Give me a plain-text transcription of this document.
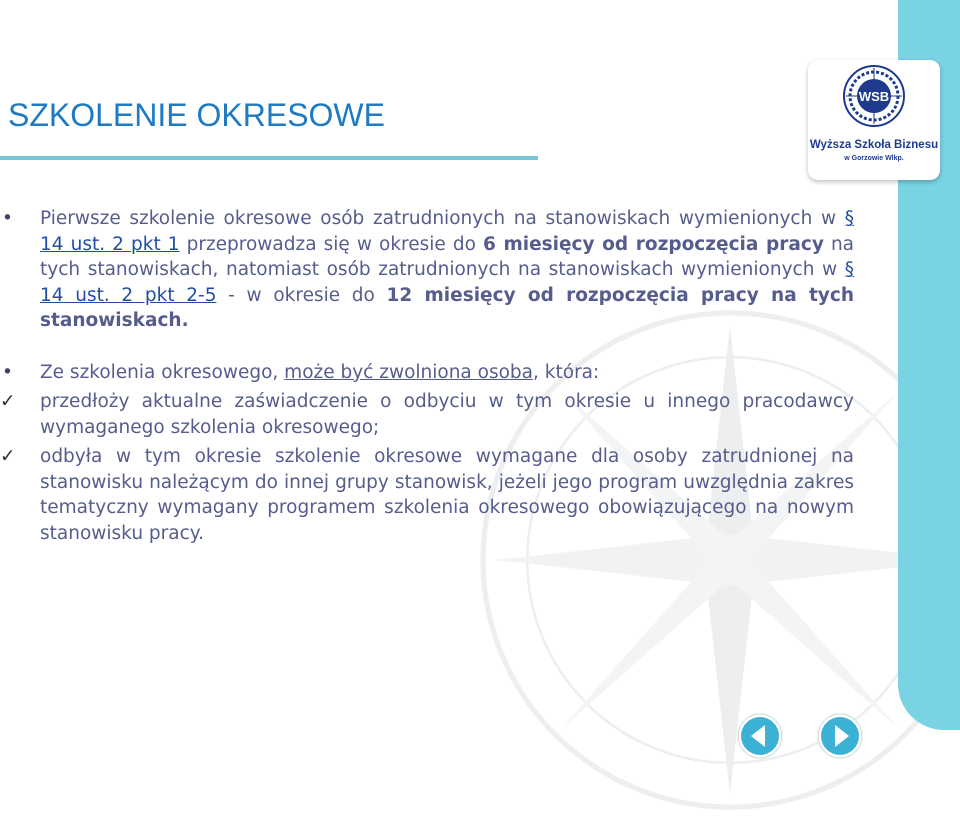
WSB
Wyższa Szkoła Biznesu
w Gorzowie Wlkp.
SZKOLENIE OKRESOWE
• Pierwsze szkolenie okresowe osób zatrudnionych na stanowiskach wymienionych w § 14 ust. 2 pkt 1 przeprowadza się w okresie do 6 miesięcy od rozpoczęcia pracy na tych stanowiskach, natomiast osób zatrudnionych na stanowiskach wymienionych w § 14 ust. 2 pkt 2-5 - w okresie do 12 miesięcy od rozpoczęcia pracy na tych stanowiskach.
• Ze szkolenia okresowego, może być zwolniona osoba, która:
✓ przedłoży aktualne zaświadczenie o odbyciu w tym okresie u innego pracodawcy wymaganego szkolenia okresowego;
✓ odbyła w tym okresie szkolenie okresowe wymagane dla osoby zatrudnionej na stanowisku należącym do innej grupy stanowisk, jeżeli jego program uwzględnia zakres tematyczny wymagany programem szkolenia okresowego obowiązującego na nowym stanowisku pracy.
